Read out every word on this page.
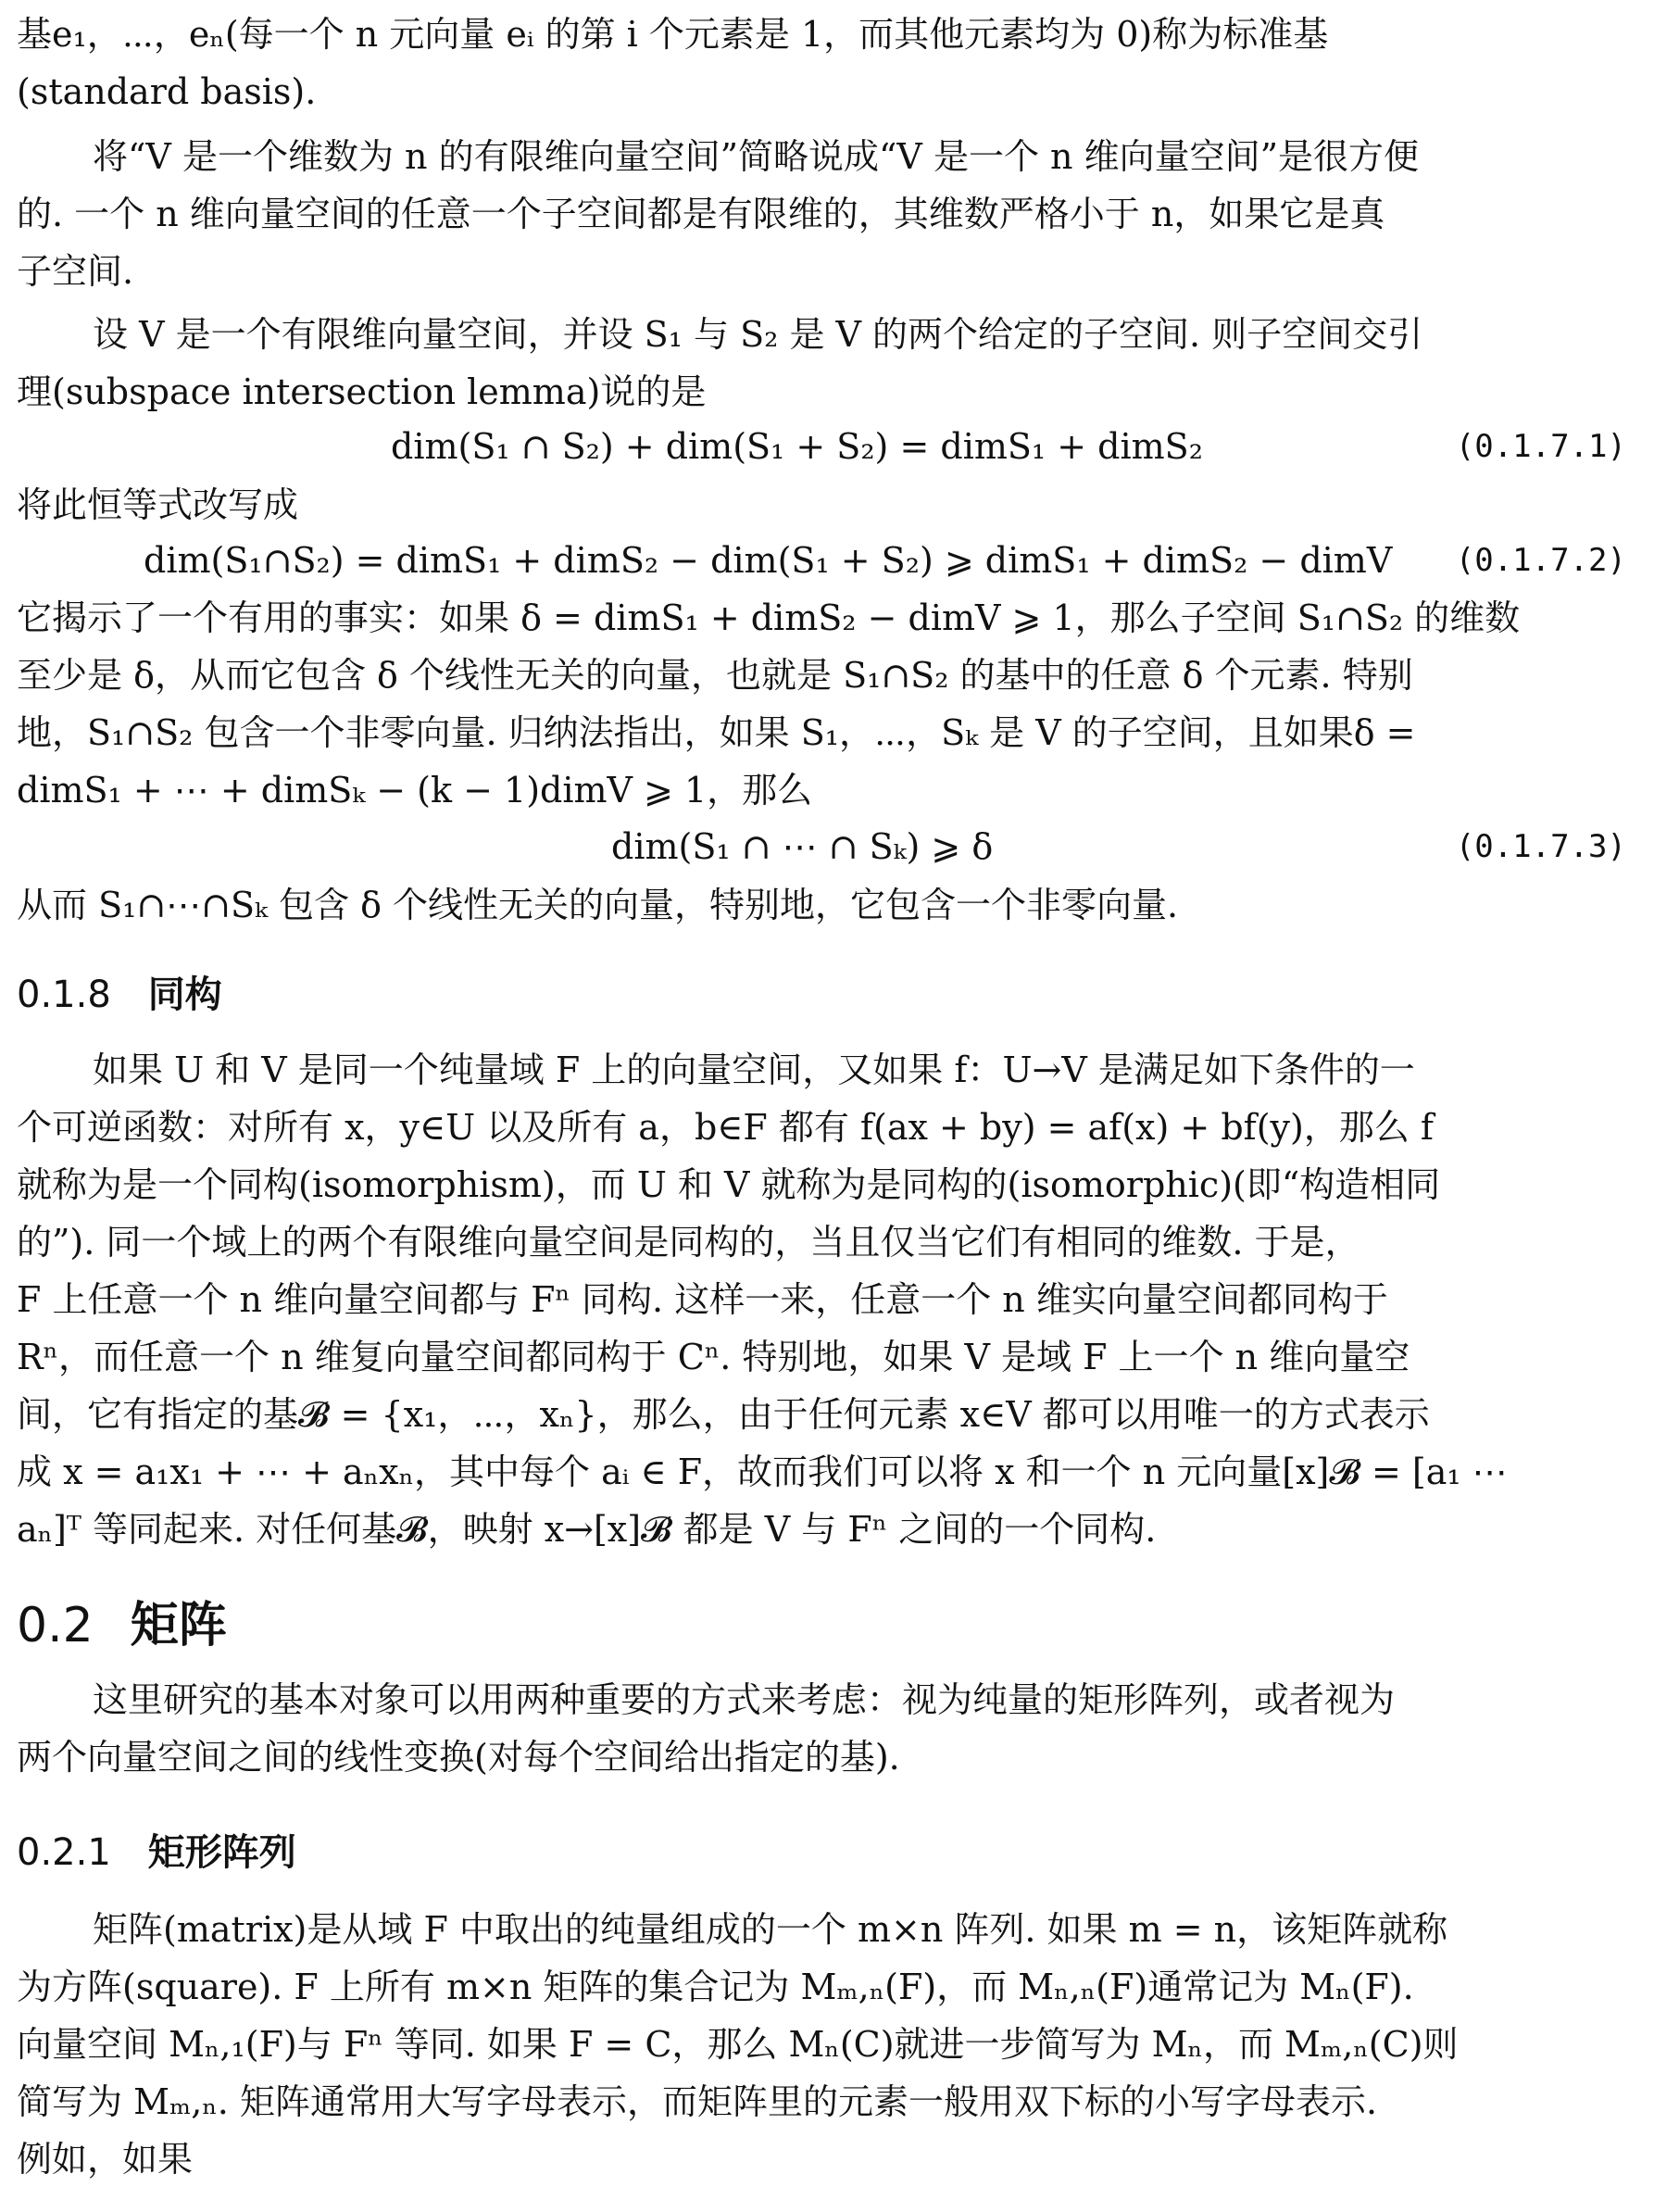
基e₁，⋯，eₙ(每一个 n 元向量 eᵢ 的第 i 个元素是 1，而其他元素均为 0)称为标准基
(standard basis).
将“V 是一个维数为 n 的有限维向量空间”简略说成“V 是一个 n 维向量空间”是很方便
的. 一个 n 维向量空间的任意一个子空间都是有限维的，其维数严格小于 n，如果它是真
子空间.
设 V 是一个有限维向量空间，并设 S₁ 与 S₂ 是 V 的两个给定的子空间. 则子空间交引
理(subspace intersection lemma)说的是
dim(S₁ ∩ S₂) + dim(S₁ + S₂) = dimS₁ + dimS₂	(0.1.7.1)
将此恒等式改写成
dim(S₁∩S₂) = dimS₁ + dimS₂ − dim(S₁ + S₂) ⩾ dimS₁ + dimS₂ − dimV (0.1.7.2)
它揭示了一个有用的事实：如果 δ = dimS₁ + dimS₂ − dimV ⩾ 1，那么子空间 S₁∩S₂ 的维数
至少是 δ，从而它包含 δ 个线性无关的向量，也就是 S₁∩S₂ 的基中的任意 δ 个元素. 特别
地，S₁∩S₂ 包含一个非零向量. 归纳法指出，如果 S₁，⋯，Sₖ 是 V 的子空间，且如果δ =
dimS₁ + ⋯ + dimSₖ − (k − 1)dimV ⩾ 1，那么
dim(S₁ ∩ ⋯ ∩ Sₖ) ⩾ δ	(0.1.7.3)
从而 S₁∩⋯∩Sₖ 包含 δ 个线性无关的向量，特别地，它包含一个非零向量.
0.1.8 同构
如果 U 和 V 是同一个纯量域 F 上的向量空间，又如果 f：U→V 是满足如下条件的一
个可逆函数：对所有 x，y∈U 以及所有 a，b∈F 都有 f(ax + by) = af(x) + bf(y)，那么 f
就称为是一个同构(isomorphism)，而 U 和 V 就称为是同构的(isomorphic)(即“构造相同
的”). 同一个域上的两个有限维向量空间是同构的，当且仅当它们有相同的维数. 于是，
F 上任意一个 n 维向量空间都与 Fⁿ 同构. 这样一来，任意一个 n 维实向量空间都同构于
Rⁿ，而任意一个 n 维复向量空间都同构于 Cⁿ. 特别地，如果 V 是域 F 上一个 n 维向量空
间，它有指定的基𝓑 = {x₁，⋯，xₙ}，那么，由于任何元素 x∈V 都可以用唯一的方式表示
成 x = a₁x₁ + ⋯ + aₙxₙ，其中每个 aᵢ ∈ F，故而我们可以将 x 和一个 n 元向量[x]𝓑 = [a₁ ⋯
aₙ]ᵀ 等同起来. 对任何基𝓑，映射 x→[x]𝓑 都是 V 与 Fⁿ 之间的一个同构.
0.2 矩阵
这里研究的基本对象可以用两种重要的方式来考虑：视为纯量的矩形阵列，或者视为
两个向量空间之间的线性变换(对每个空间给出指定的基).
0.2.1 矩形阵列
矩阵(matrix)是从域 F 中取出的纯量组成的一个 m×n 阵列. 如果 m = n，该矩阵就称
为方阵(square). F 上所有 m×n 矩阵的集合记为 Mₘ,ₙ(F)，而 Mₙ,ₙ(F)通常记为 Mₙ(F).
向量空间 Mₙ,₁(F)与 Fⁿ 等同. 如果 F = C，那么 Mₙ(C)就进一步简写为 Mₙ，而 Mₘ,ₙ(C)则
简写为 Mₘ,ₙ. 矩阵通常用大写字母表示，而矩阵里的元素一般用双下标的小写字母表示.
例如，如果
